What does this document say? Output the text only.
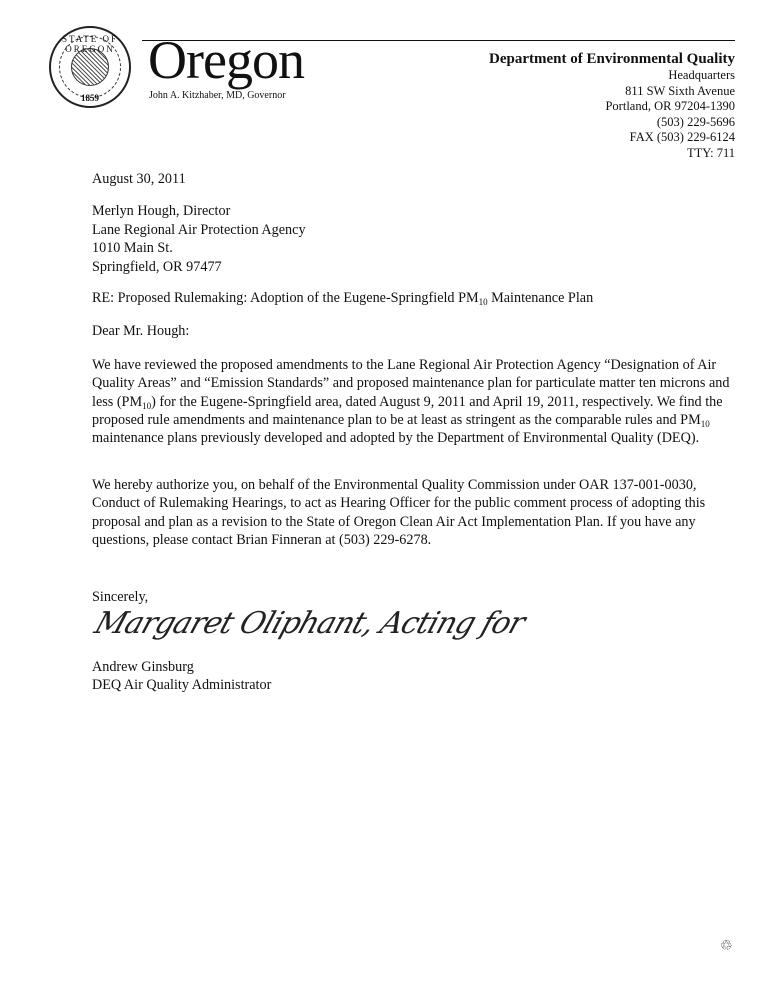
STATE OF OREGON
1859
Oregon
John A. Kitzhaber, MD, Governor
Department of Environmental Quality
Headquarters
811 SW Sixth Avenue
Portland, OR 97204-1390
(503) 229-5696
FAX (503) 229-6124
TTY: 711
August 30, 2011
Merlyn Hough, Director
Lane Regional Air Protection Agency
1010 Main St.
Springfield, OR 97477
RE: Proposed Rulemaking: Adoption of the Eugene-Springfield $PM_{10}$ Maintenance Plan
Dear Mr. Hough:
We have reviewed the proposed amendments to the Lane Regional Air Protection Agency “Designation of Air Quality Areas” and “Emission Standards” and proposed maintenance plan for particulate matter ten microns and less $(PM_{10})$ for the Eugene-Springfield area, dated August 9, 2011 and April 19, 2011, respectively. We find the proposed rule amendments and maintenance plan to be at least as stringent as the comparable rules and $PM_{10}$ maintenance plans previously developed and adopted by the Department of Environmental Quality (DEQ).
We hereby authorize you, on behalf of the Environmental Quality Commission under OAR 137-001-0030, Conduct of Rulemaking Hearings, to act as Hearing Officer for the public comment process of adopting this proposal and plan as a revision to the State of Oregon Clean Air Act Implementation Plan. If you have any questions, please contact Brian Finneran at (503) 229-6278.
Sincerely,
Margaret Oliphant, Acting for
Andrew Ginsburg
DEQ Air Quality Administrator
♲
